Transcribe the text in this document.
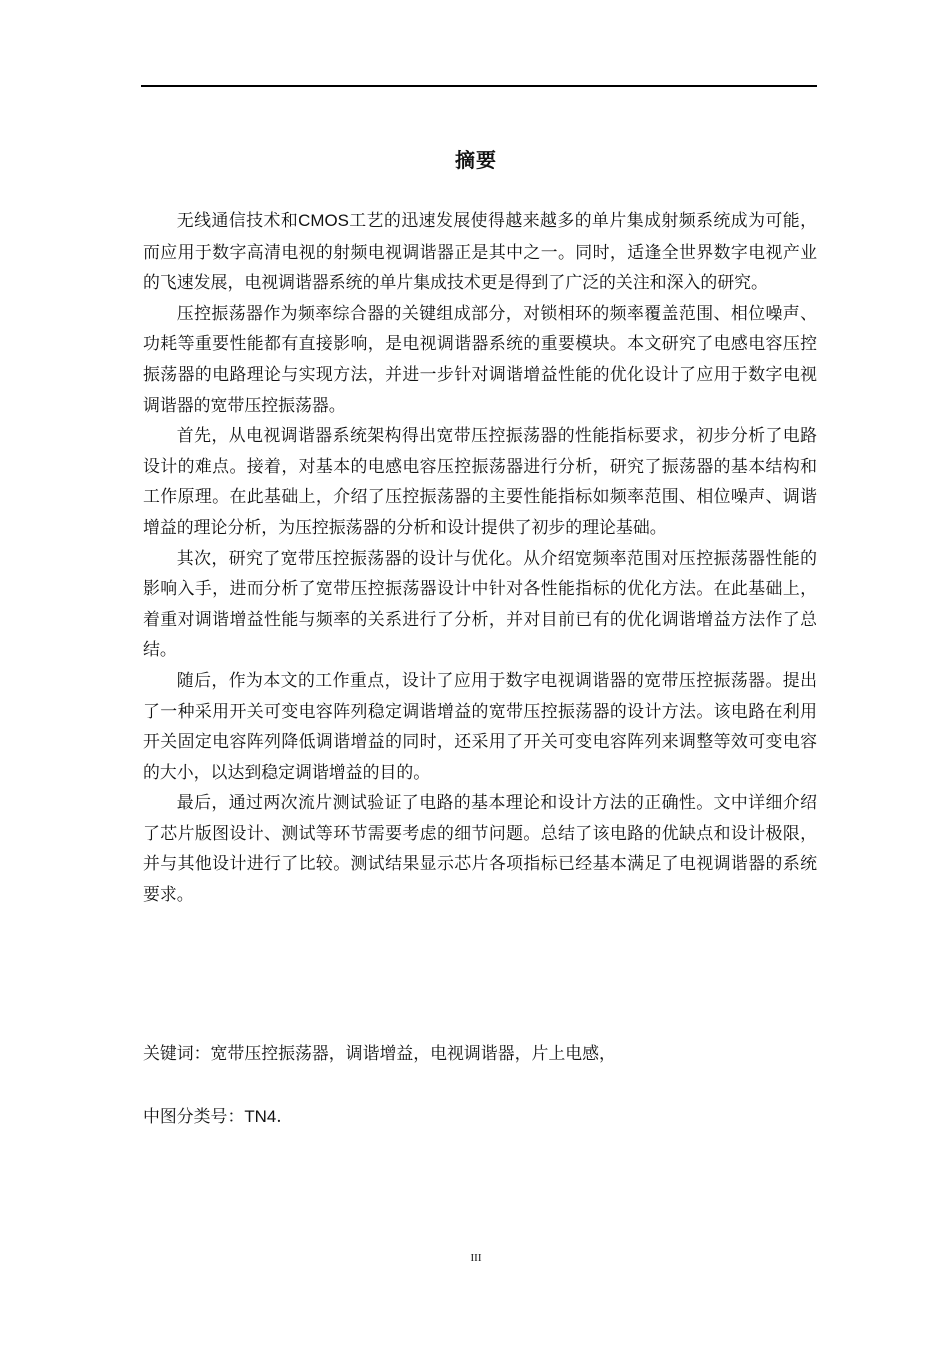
摘要

无线通信技术和CMOS工艺的迅速发展使得越来越多的单片集成射频系统成为可能，而应用于数字高清电视的射频电视调谐器正是其中之一。同时，适逢全世界数字电视产业的飞速发展，电视调谐器系统的单片集成技术更是得到了广泛的关注和深入的研究。

压控振荡器作为频率综合器的关键组成部分，对锁相环的频率覆盖范围、相位噪声、功耗等重要性能都有直接影响，是电视调谐器系统的重要模块。本文研究了电感电容压控振荡器的电路理论与实现方法，并进一步针对调谐增益性能的优化设计了应用于数字电视调谐器的宽带压控振荡器。

首先，从电视调谐器系统架构得出宽带压控振荡器的性能指标要求，初步分析了电路设计的难点。接着，对基本的电感电容压控振荡器进行分析，研究了振荡器的基本结构和工作原理。在此基础上，介绍了压控振荡器的主要性能指标如频率范围、相位噪声、调谐增益的理论分析，为压控振荡器的分析和设计提供了初步的理论基础。

其次，研究了宽带压控振荡器的设计与优化。从介绍宽频率范围对压控振荡器性能的影响入手，进而分析了宽带压控振荡器设计中针对各性能指标的优化方法。在此基础上，着重对调谐增益性能与频率的关系进行了分析，并对目前已有的优化调谐增益方法作了总结。

随后，作为本文的工作重点，设计了应用于数字电视调谐器的宽带压控振荡器。提出了一种采用开关可变电容阵列稳定调谐增益的宽带压控振荡器的设计方法。该电路在利用开关固定电容阵列降低调谐增益的同时，还采用了开关可变电容阵列来调整等效可变电容的大小，以达到稳定调谐增益的目的。

最后，通过两次流片测试验证了电路的基本理论和设计方法的正确性。文中详细介绍了芯片版图设计、测试等环节需要考虑的细节问题。总结了该电路的优缺点和设计极限，并与其他设计进行了比较。测试结果显示芯片各项指标已经基本满足了电视调谐器的系统要求。

关键词：宽带压控振荡器，调谐增益，电视调谐器，片上电感，
中图分类号：TN4.
III
